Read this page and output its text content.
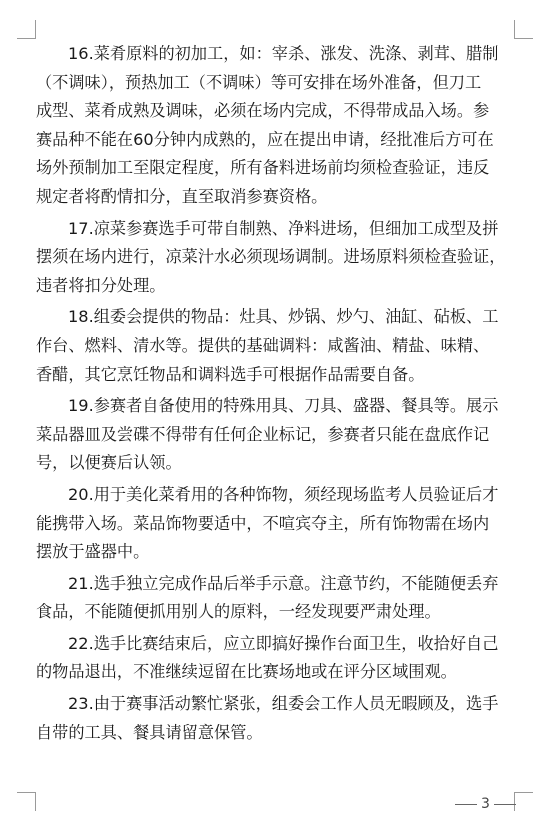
16.菜肴原料的初加工，如：宰杀、涨发、洗涤、剥茸、腊制
（不调味），预热加工（不调味）等可安排在场外准备，但刀工
成型、菜肴成熟及调味，必须在场内完成，不得带成品入场。参
赛品种不能在60分钟内成熟的，应在提出申请，经批准后方可在
场外预制加工至限定程度，所有备料进场前均须检查验证，违反
规定者将酌情扣分，直至取消参赛资格。

17.凉菜参赛选手可带自制熟、净料进场，但细加工成型及拼
摆须在场内进行，凉菜汁水必须现场调制。进场原料须检查验证，
违者将扣分处理。

18.组委会提供的物品：灶具、炒锅、炒勺、油缸、砧板、工
作台、燃料、清水等。提供的基础调料：咸酱油、精盐、味精、
香醋，其它烹饪物品和调料选手可根据作品需要自备。

19.参赛者自备使用的特殊用具、刀具、盛器、餐具等。展示
菜品器皿及尝碟不得带有任何企业标记，参赛者只能在盘底作记
号，以便赛后认领。

20.用于美化菜肴用的各种饰物，须经现场监考人员验证后才
能携带入场。菜品饰物要适中，不喧宾夺主，所有饰物需在场内
摆放于盛器中。

21.选手独立完成作品后举手示意。注意节约，不能随便丢弃
食品，不能随便抓用别人的原料，一经发现要严肃处理。

22.选手比赛结束后，应立即搞好操作台面卫生，收拾好自己
的物品退出，不准继续逗留在比赛场地或在评分区域围观。

23.由于赛事活动繁忙紧张，组委会工作人员无暇顾及，选手
自带的工具、餐具请留意保管。

3
